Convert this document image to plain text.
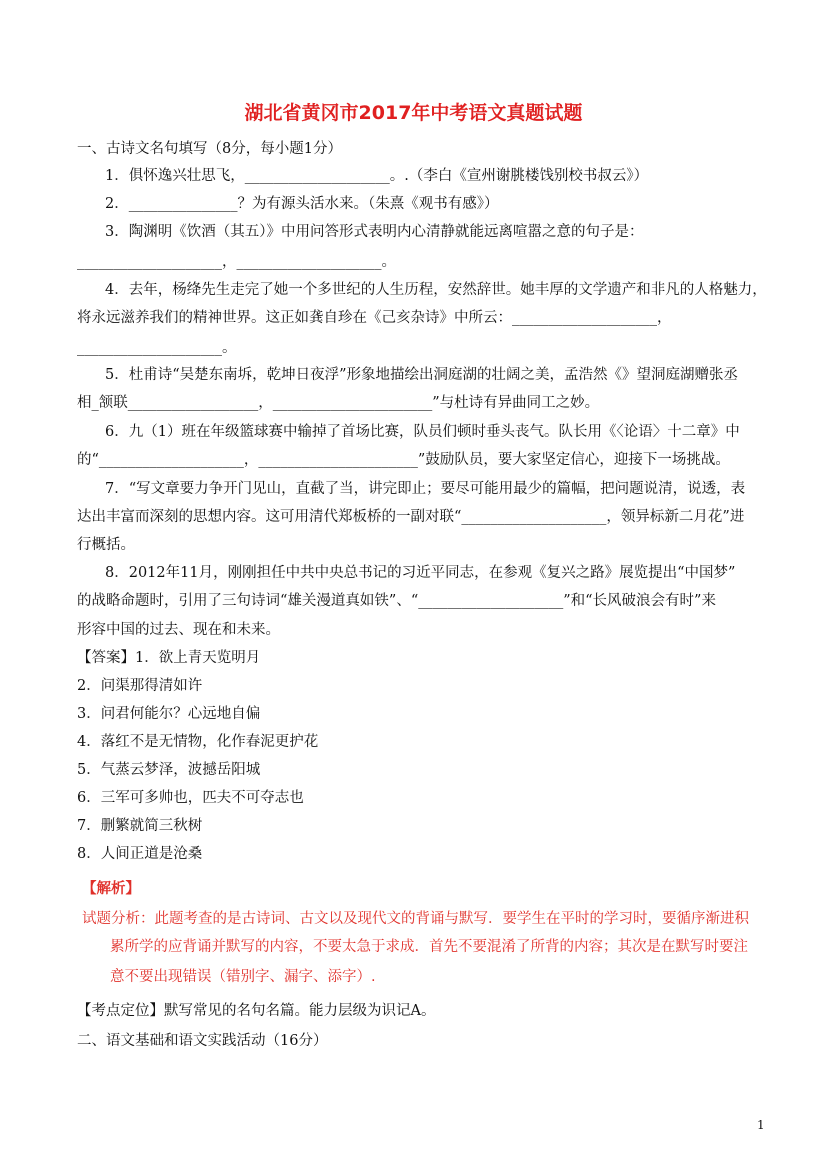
湖北省黄冈市2017年中考语文真题试题
一、古诗文名句填写（8分，每小题1分）
1．俱怀逸兴壮思飞，____________________。.（李白《宣州谢朓楼饯别校书叔云》）
2．_______________？为有源头活水来。（朱熹《观书有感》）
3．陶渊明《饮酒（其五）》中用问答形式表明内心清静就能远离喧嚣之意的句子是：
____________________，____________________。
4．去年，杨绛先生走完了她一个多世纪的人生历程，安然辞世。她丰厚的文学遗产和非凡的人格魅力，
将永远滋养我们的精神世界。这正如龚自珍在《己亥杂诗》中所云：____________________，
____________________。
5．杜甫诗“吴楚东南坼，乾坤日夜浮”形象地描绘出洞庭湖的壮阔之美，孟浩然《》望洞庭湖赠张丞
相_颔联__________________，______________________”与杜诗有异曲同工之妙。
6．九（1）班在年级篮球赛中输掉了首场比赛，队员们顿时垂头丧气。队长用《〈论语〉十二章》中
的“____________________，______________________”鼓励队员，要大家坚定信心，迎接下一场挑战。
7．“写文章要力争开门见山，直截了当，讲完即止；要尽可能用最少的篇幅，把问题说清，说透，表
达出丰富而深刻的思想内容。这可用清代郑板桥的一副对联“____________________，领异标新二月花”进
行概括。
8．2012年11月，刚刚担任中共中央总书记的习近平同志，在参观《复兴之路》展览提出“中国梦”
的战略命题时，引用了三句诗词“雄关漫道真如铁”、“____________________”和“长风破浪会有时”来
形容中国的过去、现在和未来。
【答案】1．欲上青天览明月
2．问渠那得清如许
3．问君何能尔？心远地自偏
4．落红不是无情物，化作春泥更护花
5．气蒸云梦泽，波撼岳阳城
6．三军可多帅也，匹夫不可夺志也
7．删繁就简三秋树
8．人间正道是沧桑
【解析】
试题分析：此题考查的是古诗词、古文以及现代文的背诵与默写．要学生在平时的学习时，要循序渐进积
累所学的应背诵并默写的内容，不要太急于求成．首先不要混淆了所背的内容；其次是在默写时要注
意不要出现错误（错别字、漏字、添字）.
【考点定位】默写常见的名句名篇。能力层级为识记A。
二、语文基础和语文实践活动（16分）
1
